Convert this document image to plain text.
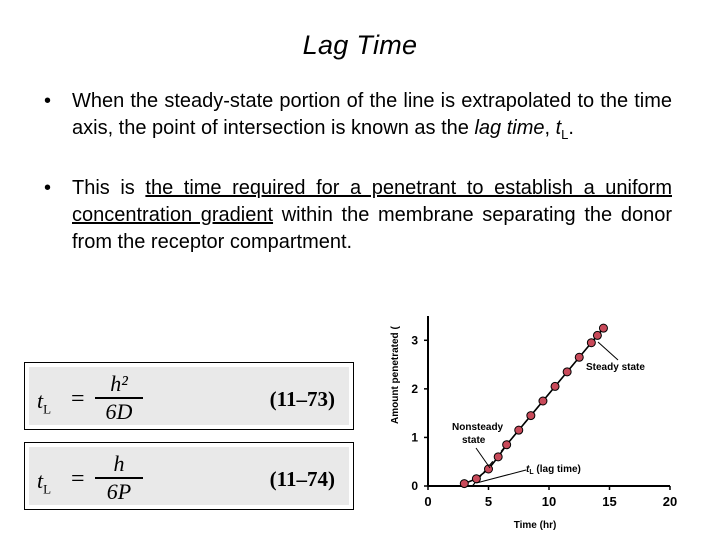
Lag Time
• When the steady-state portion of the line is extrapolated to the time axis, the point of intersection is known as the lag time, $t_L$.
• This is the time required for a penetrant to establish a uniform concentration gradient within the membrane separating the donor from the receptor compartment.
$t_L$ =
h²
6D	(11–73)
$t_L$ =
h
6P	(11–74)
0	5	10	15	20
0
1
2
3
Time (hr)
Amount penetrated (	Steady state
Nonsteady
state
$t_L$ (lag time)
